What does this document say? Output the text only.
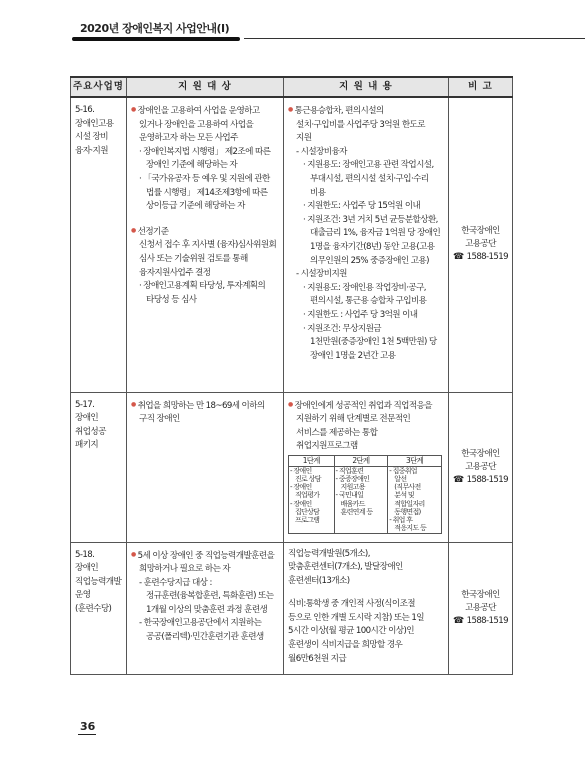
2020년 장애인복지 사업안내(Ⅰ)
주요사업명	지 원 대 상	지 원 내 용	비 고

5-16.
장애인고용
시설 장비
융자·지원

● 장애인을 고용하여 사업을 운영하고
있거나 장애인을 고용하여 사업을
운영하고자 하는 모든 사업주
· 장애인복지법 시행령」 제2조에 따른
장애인 기준에 해당하는 자
· 「국가유공자 등 예우 및 지원에 관한
법률 시행령」 제14조제3항에 따른
상이등급 기준에 해당하는 자
● 선정기준
신청서 접수 후 지사별 (융자)심사위원회
심사 또는 기술위원 검토를 통해
융자지원사업주 결정
· 장애인고용계획 타당성, 투자계획의
타당성 등 심사

● 통근용승합차, 편의시설의
설치·구입비를 사업주당 3억원 한도로
지원
- 시설장비융자
· 지원용도: 장애인고용 관련 작업시설,
부대시설, 편의시설 설치·구입·수리
비용
· 지원한도: 사업주 당 15억원 이내
· 지원조건: 3년 거치 5년 균등분할상환,
대출금리 1%, 융자금 1억원 당 장애인
1명을 융자기간(8년) 동안 고용(고용
의무인원의 25% 중증장애인 고용)
- 시설장비지원
· 지원용도: 장애인용 작업장비·공구,
편의시설, 통근용 승합차 구입비용
· 지원한도 : 사업주 당 3억원 이내
· 지원조건: 무상지원금
1천만원(중증장애인 1천 5백만원) 당
장애인 1명을 2년간 고용

한국장애인
고용공단
☎ 1588-1519

5-17.
장애인
취업성공
패키지

● 취업을 희망하는 만 18~69세 이하의
구직 장애인

● 장애인에게 성공적인 취업과 직업적응을
지원하기 위해 단계별로 전문적인
서비스를 제공하는 통합
취업지원프로그램
1단계	2단계	3단계

- 장애인
진로 상담
- 장애인
직업평가
- 장애인
집단상담
프로그램

- 직업훈련
- 중증장애인
지원고용
- 국민내일
배움카드
훈련연계 등

- 집중취업
알선
(직무사전
분석 및
적합일자리
동행면접)
- 취업 후
적응지도 등

한국장애인
고용공단
☎ 1588-1519

5-18.
장애인
직업능력개발
운영
(훈련수당)

● 5세 이상 장애인 중 직업능력개발훈련을
희망하거나 필요로 하는 자
- 훈련수당지급 대상 :
정규훈련(융복합훈련, 특화훈련) 또는
1개월 이상의 맞춤훈련 과정 훈련생
- 한국장애인고용공단에서 지원하는
공공(폴리텍)·민간훈련기관 훈련생

직업능력개발원(5개소),
맞춤훈련센터(7개소), 발달장애인
훈련센터(13개소)
식비:통학생 중 개인적 사정(식이조절
등으로 인한 개별 도시락 지참) 또는 1일
5시간 이상(월 평균 100시간 이상)인
훈련생이 식비지급을 희망할 경우
월6만6천원 지급

한국장애인
고용공단
☎ 1588-1519
36
